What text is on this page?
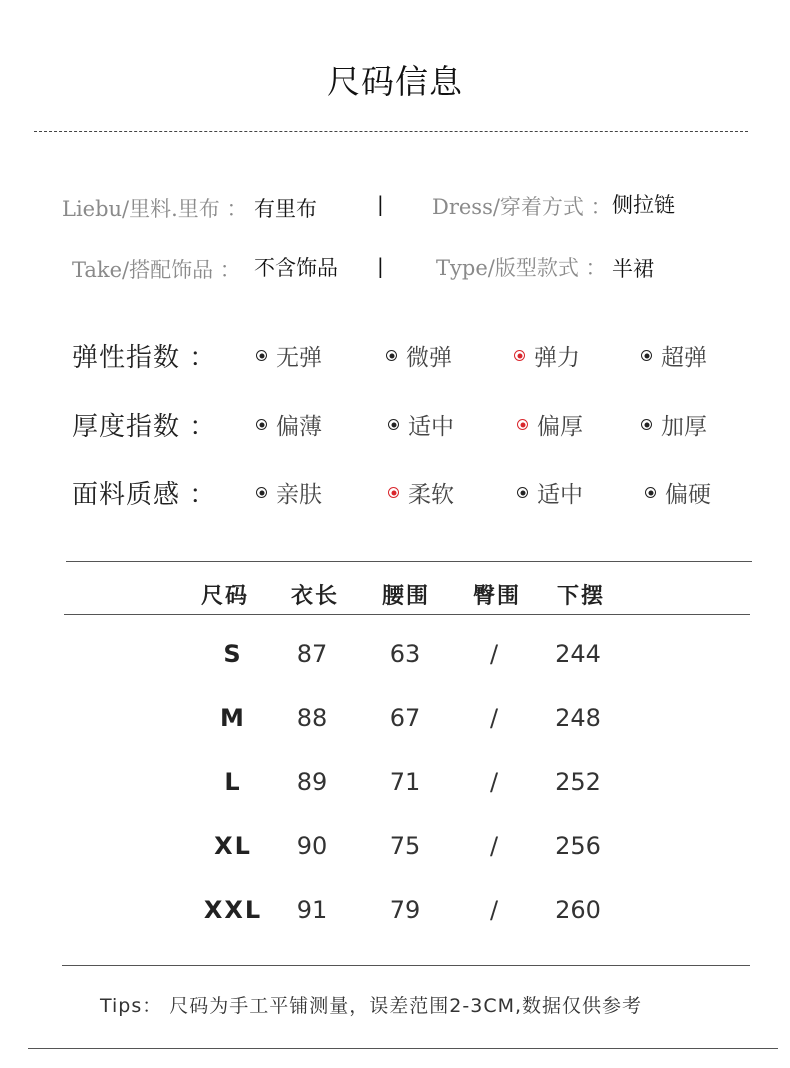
尺码信息
Liebu/里料.里布 ： 有里布	| Dress/穿着方式 ： 侧拉链
Take/搭配饰品 ： 不含饰品 | Type/版型款式 ： 半裙
弹性指数 ：	无弹	微弹	弹力	超弹
厚度指数 ：	偏薄	适中	偏厚	加厚
面料质感 ：	亲肤	柔软	适中	偏硬
尺码 衣长 腰围 臀围 下摆
S	87	63	/	244
M	88	67	/	248
L	89	71	/	252
XL	90	75	/	256
XXL	91	79	/	260
Tips： 尺码为手工平铺测量，误差范围2-3CM,数据仅供参考
